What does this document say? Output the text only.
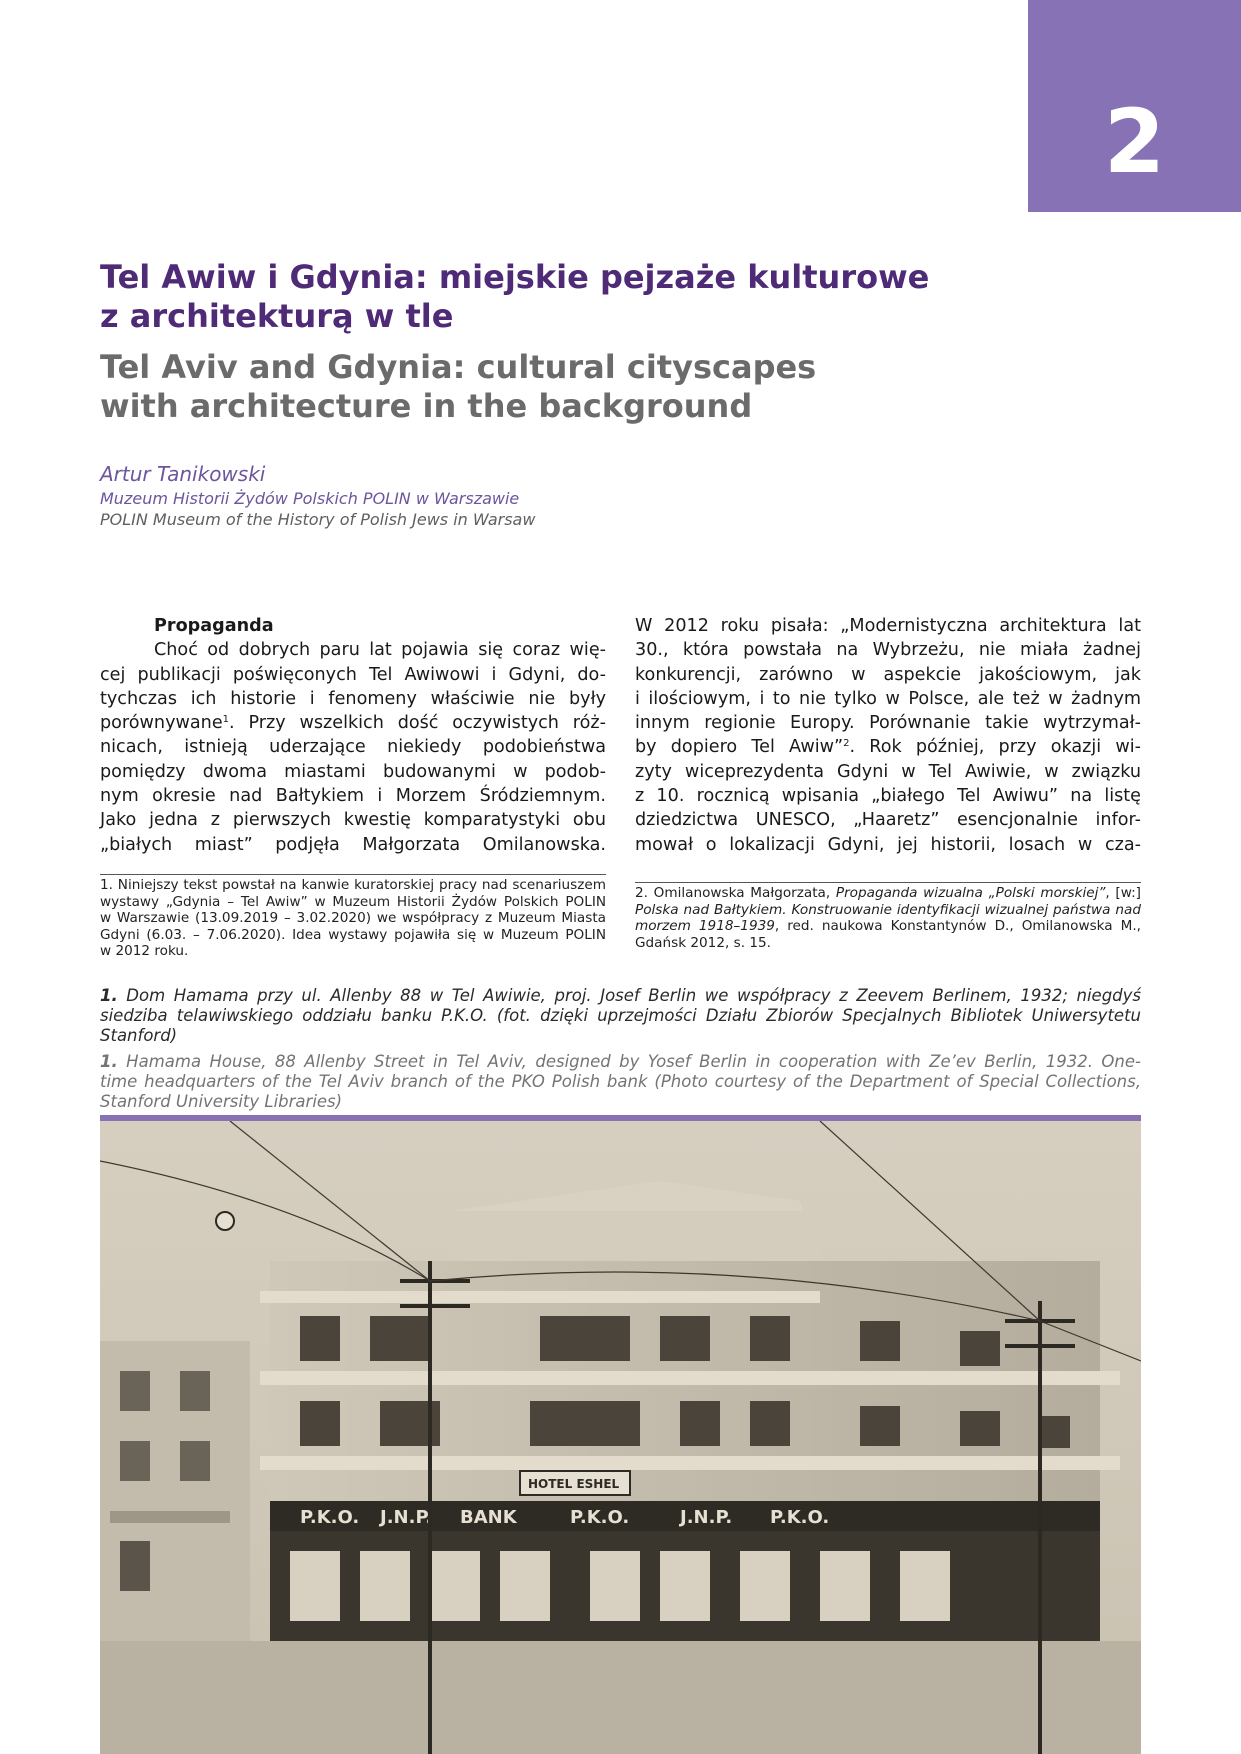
2
Tel Awiw i Gdynia: miejskie pejzaże kulturowe
z architekturą w tle
Tel Aviv and Gdynia: cultural cityscapes
with architecture in the background
Artur Tanikowski
Muzeum Historii Żydów Polskich POLIN w Warszawie
POLIN Museum of the History of Polish Jews in Warsaw
Propaganda
Choć od dobrych paru lat pojawia się coraz wię-
cej publikacji poświęconych Tel Awiwowi i Gdyni, do-
tychczas ich historie i fenomeny właściwie nie były
porównywane$^1$. Przy wszelkich dość oczywistych róż-
nicach, istnieją uderzające niekiedy podobieństwa
pomiędzy dwoma miastami budowanymi w podob-
nym okresie nad Bałtykiem i Morzem Śródziemnym.
Jako jedna z pierwszych kwestię komparatystyki obu
„białych miast” podjęła Małgorzata Omilanowska.
W 2012 roku pisała: „Modernistyczna architektura lat
30., która powstała na Wybrzeżu, nie miała żadnej
konkurencji, zarówno w aspekcie jakościowym, jak
i ilościowym, i to nie tylko w Polsce, ale też w żadnym
innym regionie Europy. Porównanie takie wytrzymał-
by dopiero Tel Awiw”$^2$. Rok później, przy okazji wi-
zyty wiceprezydenta Gdyni w Tel Awiwie, w związku
z 10. rocznicą wpisania „białego Tel Awiwu” na listę
dziedzictwa UNESCO, „Haaretz” esencjonalnie infor-
mował o lokalizacji Gdyni, jej historii, losach w cza-
1. Niniejszy tekst powstał na kanwie kuratorskiej pracy nad scenariuszem
wystawy „Gdynia – Tel Awiw” w Muzeum Historii Żydów Polskich POLIN
w Warszawie (13.09.2019 – 3.02.2020) we współpracy z Muzeum Miasta
Gdyni (6.03. – 7.06.2020). Idea wystawy pojawiła się w Muzeum POLIN
w 2012 roku.
2. Omilanowska Małgorzata, Propaganda wizualna „Polski morskiej”, [w:]
Polska nad Bałtykiem. Konstruowanie identyfikacji wizualnej państwa nad
morzem 1918–1939, red. naukowa Konstantynów D., Omilanowska M.,
Gdańsk 2012, s. 15.
1. Dom Hamama przy ul. Allenby 88 w Tel Awiwie, proj. Josef Berlin we współpracy z Zeevem Berlinem, 1932; niegdyś
siedziba telawiwskiego oddziału banku P.K.O. (fot. dzięki uprzejmości Działu Zbiorów Specjalnych Bibliotek Uniwersytetu
Stanford)
1. Hamama House, 88 Allenby Street in Tel Aviv, designed by Yosef Berlin in cooperation with Ze’ev Berlin, 1932. One-
time headquarters of the Tel Aviv branch of the PKO Polish bank (Photo courtesy of the Department of Special Collections,
Stanford University Libraries)
P.K.O. J.N.P. BANK	P.K.O.	J.N.P. P.K.O.
HOTEL ESHEL
